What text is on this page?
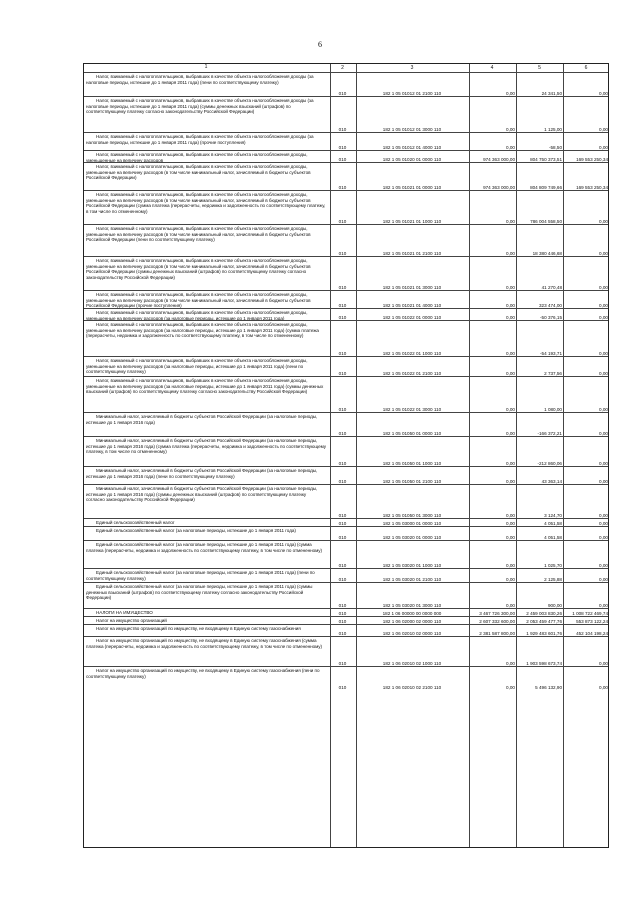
6
1	2	3	4	5	6
Налог, взимаемый с налогоплательщиков, выбравших в качестве объекта налогообложения доходы (за налоговые периоды, истекшие до 1 января 2011 года) (пени по соответствующему платежу)
010	182 1 05 01012 01 2100 110	0,00	24 341,50	0,00
Налог, взимаемый с налогоплательщиков, выбравших в качестве объекта налогообложения доходы (за налоговые периоды, истекшие до 1 января 2011 года) (суммы денежных взысканий (штрафов) по соответствующему платежу согласно законодательству Российской Федерации)
010	182 1 05 01012 01 3000 110	0,00	1 125,00	0,00
Налог, взимаемый с налогоплательщиков, выбравших в качестве объекта налогообложения доходы (за налоговые периоды, истекшие до 1 января 2011 года) (прочие поступления)
010	182 1 05 01012 01 4000 110	0,00	-58,50	0,00
Налог, взимаемый с налогоплательщиков, выбравших в качестве объекта налогообложения доходы, уменьшенные на величину расходов	010	182 1 05 01020 01 0000 110	974 363 000,00	804 750 373,51	169 553 250,34
Налог, взимаемый с налогоплательщиков, выбравших в качестве объекта налогообложения доходы, уменьшенные на величину расходов (в том числе минимальный налог, зачисляемый в бюджеты субъектов Российской Федерации)
010	182 1 05 01021 01 0000 110	974 363 000,00	804 809 749,66	169 553 250,34
Налог, взимаемый с налогоплательщиков, выбравших в качестве объекта налогообложения доходы, уменьшенные на величину расходов (в том числе минимальный налог, зачисляемый в бюджеты субъектов Российской Федерации (сумма платежа (перерасчеты, недоимка и задолженность по соответствующему платежу, в том числе по отмененному)
010	182 1 05 01021 01 1000 110	0,00	786 004 558,50	0,00
Налог, взимаемый с налогоплательщиков, выбравших в качестве объекта налогообложения доходы, уменьшенные на величину расходов (в том числе минимальный налог, зачисляемый в бюджеты субъектов Российской Федерации (пени по соответствующему платежу)
010	182 1 05 01021 01 2100 110	0,00	18 380 446,68	0,00
Налог, взимаемый с налогоплательщиков, выбравших в качестве объекта налогообложения доходы, уменьшенные на величину расходов (в том числе минимальный налог, зачисляемый в бюджеты субъектов Российской Федерации (суммы денежных взысканий (штрафов) по соответствующему платежу согласно законодательству Российской Федерации)
010	182 1 05 01021 01 3000 110	0,00	41 270,48	0,00
Налог, взимаемый с налогоплательщиков, выбравших в качестве объекта налогообложения доходы, уменьшенные на величину расходов (в том числе минимальный налог, зачисляемый в бюджеты субъектов Российской Федерации (прочие поступления)	010	182 1 05 01021 01 4000 110	0,00	323 474,00	0,00
Налог, взимаемый с налогоплательщиков, выбравших в качестве объекта налогообложения доходы, уменьшенные на величину расходов (за налоговые периоды, истекшие до 1 января 2011 года)	010	182 1 05 01022 01 0000 110	0,00	-50 376,15	0,00
Налог, взимаемый с налогоплательщиков, выбравших в качестве объекта налогообложения доходы, уменьшенные на величину расходов (за налоговые периоды, истекшие до 1 января 2011 года) (сумма платежа (перерасчеты, недоимка и задолженность по соответствующему платежу, в том числе по отмененному)
010	182 1 05 01022 01 1000 110	0,00	-54 193,71	0,00
Налог, взимаемый с налогоплательщиков, выбравших в качестве объекта налогообложения доходы, уменьшенные на величину расходов (за налоговые периоды, истекшие до 1 января 2011 года) (пени по соответствующему платежу)	010	182 1 05 01022 01 2100 110	0,00	2 737,56	0,00
Налог, взимаемый с налогоплательщиков, выбравших в качестве объекта налогообложения доходы, уменьшенные на величину расходов (за налоговые периоды, истекшие до 1 января 2011 года) (суммы денежных взысканий (штрафов) по соответствующему платежу согласно законодательству Российской Федерации)
010	182 1 05 01022 01 3000 110	0,00	1 080,00	0,00
Минимальный налог, зачисляемый в бюджеты субъектов Российской Федерации (за налоговые периоды, истекшие до 1 января 2016 года)
010	182 1 05 01050 01 0000 110	0,00	-166 372,21	0,00
Минимальный налог, зачисляемый в бюджеты субъектов Российской Федерации (за налоговые периоды, истекшие до 1 января 2016 года) (сумма платежа (перерасчеты, недоимка и задолженность по соответствующему платежу, в том числе по отмененному)
010	182 1 05 01050 01 1000 110	0,00	-212 860,06	0,00
Минимальный налог, зачисляемый в бюджеты субъектов Российской Федерации (за налоговые периоды, истекшие до 1 января 2016 года) (пени по соответствующему платежу)
010	182 1 05 01050 01 2100 110	0,00	43 363,14	0,00
Минимальный налог, зачисляемый в бюджеты субъектов Российской Федерации (за налоговые периоды, истекшие до 1 января 2016 года) (суммы денежных взысканий (штрафов) по соответствующему платежу согласно законодательству Российской Федерации)
010	182 1 05 01050 01 3000 110	0,00	3 124,70	0,00
Единый сельскохозяйственный налог	010	182 1 05 03000 01 0000 110	0,00	4 051,58	0,00
Единый сельскохозяйственный налог (за налоговые периоды, истекшие до 1 января 2011 года)
010	182 1 05 03020 01 0000 110	0,00	4 051,58	0,00
Единый сельскохозяйственный налог (за налоговые периоды, истекшие до 1 января 2011 года) (сумма платежа (перерасчеты, недоимка и задолженность по соответствующему платежу, в том числе по отмененному)
010	182 1 05 03020 01 1000 110	0,00	1 025,70	0,00
Единый сельскохозяйственный налог (за налоговые периоды, истекшие до 1 января 2011 года) (пени по соответствующему платежу)	010	182 1 05 03020 01 2100 110	0,00	2 125,88	0,00
Единый сельскохозяйственный налог (за налоговые периоды, истекшие до 1 января 2011 года) (суммы денежных взысканий (штрафов) по соответствующему платежу согласно законодательству Российской Федерации)
010	182 1 05 03020 01 3000 110	0,00	900,00	0,00
НАЛОГИ НА ИМУЩЕСТВО	010	182 1 06 00000 00 0000 000	3 467 726 300,00	2 459 003 830,26	1 008 722 469,74
Налог на имущество организаций	010	182 1 06 02000 02 0000 110	2 607 332 600,00	2 053 459 477,76	553 873 122,24
Налог на имущество организаций по имуществу, не входящему в Единую систему газоснабжения
010	182 1 06 02010 02 0000 110	2 381 587 800,00	1 929 483 601,76	452 104 198,24
Налог на имущество организаций по имуществу, не входящему в Единую систему газоснабжения (сумма платежа (перерасчеты, недоимка и задолженность по соответствующему платежу, в том числе по отмененному)
010	182 1 06 02010 02 1000 110	0,00	1 903 598 673,74	0,00
Налог на имущество организаций по имуществу, не входящему в Единую систему газоснабжения (пени по соответствующему платежу)
010	182 1 06 02010 02 2100 110	0,00	5 496 132,90	0,00
